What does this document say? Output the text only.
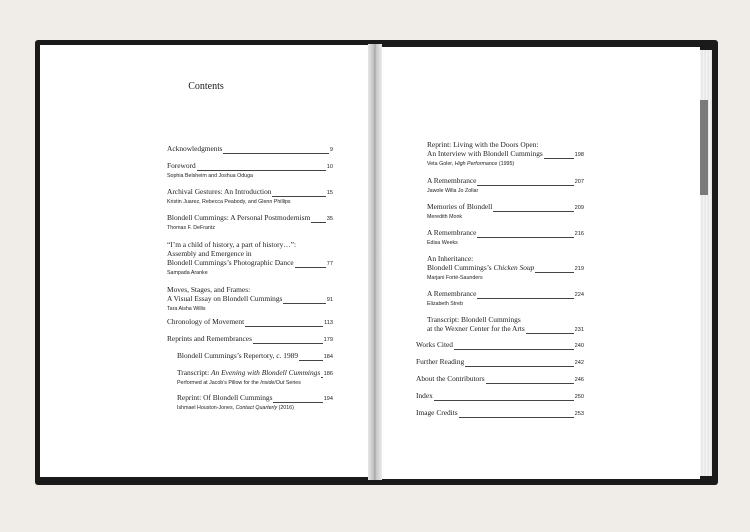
Contents
Acknowledgments	9
Foreword	10
Sophia Belsheim and Joshua Oduga
Archival Gestures: An Introduction	15
Kristin Juarez, Rebecca Peabody, and Glenn Phillips
Blondell Cummings: A Personal Postmodernism	35
Thomas F. DeFrantz
“I’m a child of history, a part of history…”:
Assembly and Emergence in
Blondell Cummings’s Photographic Dance	77
Sampada Aranke
Moves, Stages, and Frames:
A Visual Essay on Blondell Cummings	91
Tara Aisha Willis
Chronology of Movement	113
Reprints and Remembrances	179
Blondell Cummings’s Repertory, c. 1989	184
Transcript: An Evening with Blondell Cummings 186
Performed at Jacob’s Pillow for the Inside/Out Series
Reprint: Of Blondell Cummings	194
Ishmael Houston-Jones, Contact Quarterly (2016)
Reprint: Living with the Doors Open:
An Interview with Blondell Cummings	198
Veta Goler, High Performance (1995)
A Remembrance	207
Jawole Willa Jo Zollar
Memories of Blondell	209
Meredith Monk
A Remembrance	216
Edisa Weeks
An Inheritance:
Blondell Cummings’s Chicken Soup	219
Marjani Forté-Saunders
A Remembrance	224
Elizabeth Streb
Transcript: Blondell Cummings
at the Wexner Center for the Arts	231
Works Cited	240
Further Reading	242
About the Contributors	246
Index	250
Image Credits	253
